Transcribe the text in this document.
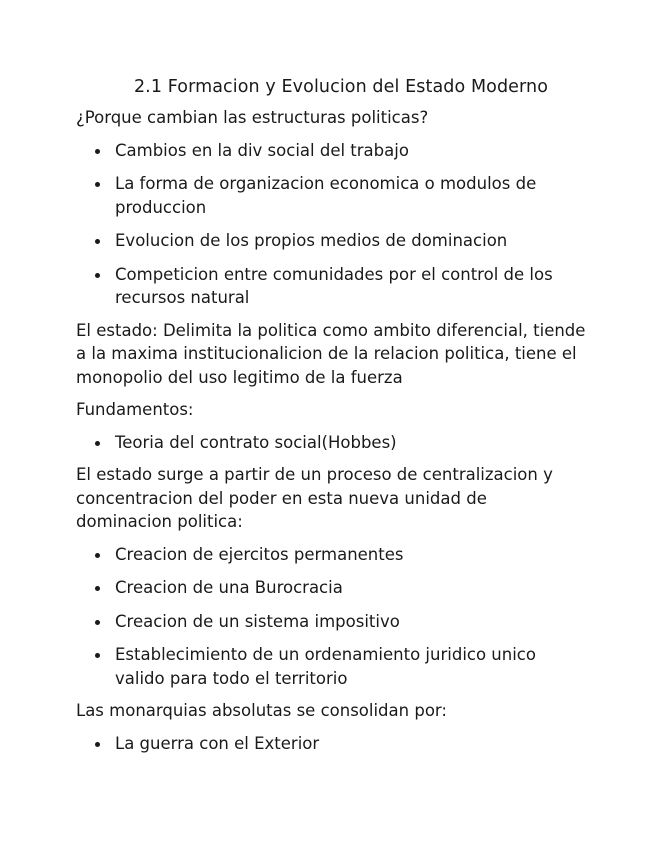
2.1 Formacion y Evolucion del Estado Moderno

¿Porque cambian las estructuras politicas?

Cambios en la div social del trabajo
La forma de organizacion economica o modulos de produccion
Evolucion de los propios medios de dominacion
Competicion entre comunidades por el control de los recursos natural

El estado: Delimita la politica como ambito diferencial, tiende a la maxima institucionalicion de la relacion politica, tiene el monopolio del uso legitimo de la fuerza

Fundamentos:

Teoria del contrato social(Hobbes)

El estado surge a partir de un proceso de centralizacion y concentracion del poder en esta nueva unidad de dominacion politica:

Creacion de ejercitos permanentes
Creacion de una Burocracia
Creacion de un sistema impositivo
Establecimiento de un ordenamiento juridico unico valido para todo el territorio

Las monarquias absolutas se consolidan por:

La guerra con el Exterior
